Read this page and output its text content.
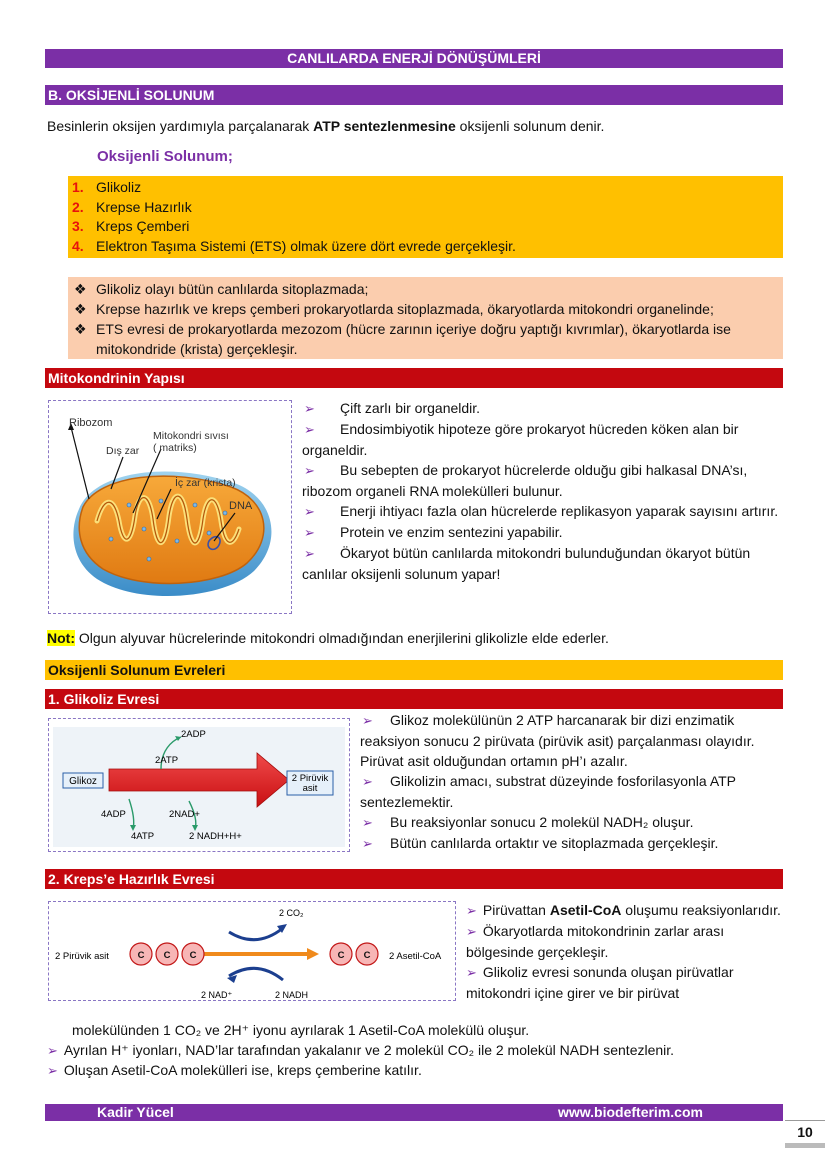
CANLILARDA ENERJİ DÖNÜŞÜMLERİ
B. OKSİJENLİ SOLUNUM
Besinlerin oksijen yardımıyla parçalanarak ATP sentezlenmesine oksijenli solunum denir.
Oksijenli Solunum;
1. Glikoliz
2. Krepse Hazırlık
3. Kreps Çemberi
4. Elektron Taşıma Sistemi (ETS) olmak üzere dört evrede gerçekleşir.
❖ Glikoliz olayı bütün canlılarda sitoplazmada;
❖ Krepse hazırlık ve kreps çemberi prokaryotlarda sitoplazmada, ökaryotlarda mitokondri organelinde;
❖ ETS evresi de prokaryotlarda mezozom (hücre zarının içeriye doğru yaptığı kıvrımlar), ökaryotlarda ise mitokondride (krista) gerçekleşir.
Mitokondrinin Yapısı
Ribozom
Mitokondri sıvısı
( matriks)
Dış zar
İç zar (krista)
DNA
➢ Çift zarlı bir organeldir.
➢ Endosimbiyotik hipoteze göre prokaryot hücreden köken alan bir organeldir.
➢ Bu sebepten de prokaryot hücrelerde olduğu gibi halkasal DNA’sı, ribozom organeli RNA molekülleri bulunur.
➢ Enerji ihtiyacı fazla olan hücrelerde replikasyon yaparak sayısını artırır.
➢ Protein ve enzim sentezini yapabilir.
➢ Ökaryot bütün canlılarda mitokondri bulunduğundan ökaryot bütün canlılar oksijenli solunum yapar!
Not: Olgun alyuvar hücrelerinde mitokondri olmadığından enerjilerini glikolizle elde ederler.
Oksijenli Solunum Evreleri
1. Glikoliz Evresi
Glikoz	2 Pirüvik
asit
2ATP
2ADP
4ADP
4ATP
2NAD+
2 NADH+H+
➢ Glikoz molekülünün 2 ATP harcanarak bir dizi enzimatik reaksiyon sonucu 2 pirüvata (pirüvik asit) parçalanması olayıdır. Pirüvat asit olduğundan ortamın pH’ı azalır.
➢ Glikolizin amacı, substrat düzeyinde fosforilasyonla ATP sentezlemektir.
➢ Bu reaksiyonlar sonucu 2 molekül NADH₂ oluşur.
➢ Bütün canlılarda ortaktır ve sitoplazmada gerçekleşir.
2. Kreps’e Hazırlık Evresi
2 Pirüvik asit	C C C	C C 2 Asetil-CoA
2 CO₂
2 NAD⁺	2 NADH
➢ Pirüvattan Asetil-CoA oluşumu reaksiyonlarıdır.
➢ Ökaryotlarda mitokondrinin zarlar arası bölgesinde gerçekleşir.
➢ Glikoliz evresi sonunda oluşan pirüvatlar mitokondri içine girer ve bir pirüvat
molekülünden 1 CO₂ ve 2H⁺ iyonu ayrılarak 1 Asetil-CoA molekülü oluşur.
➢ Ayrılan H⁺ iyonları, NAD’lar tarafından yakalanır ve 2 molekül CO₂ ile 2 molekül NADH sentezlenir.
➢ Oluşan Asetil-CoA molekülleri ise, kreps çemberine katılır.
Kadir Yücel	www.biodefterim.com
10
